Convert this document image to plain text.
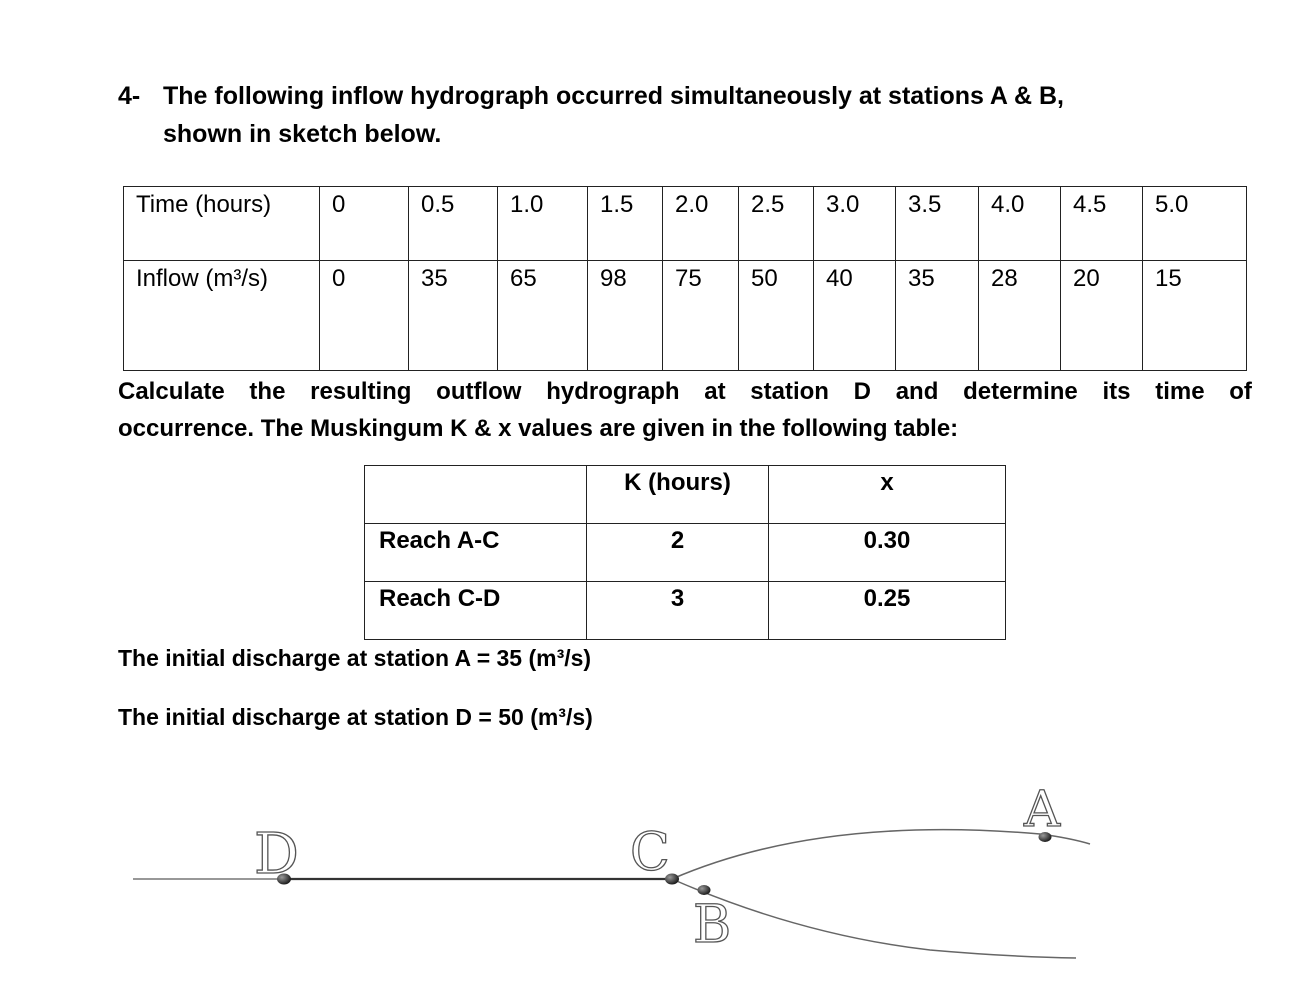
4- The following inflow hydrograph occurred simultaneously at stations A & B,
shown in sketch below.
Time (hours)	0	0.5	1.0	1.5	2.0	2.5	3.0	3.5	4.0	4.5	5.0
Inflow (m³/s)	0	35	65	98	75	50	40	35	28	20	15
Calculate the resulting outflow hydrograph at station D and determine its time of
occurrence. The Muskingum K & x values are given in the following table:
	K (hours)	x
Reach A-C	2	0.30
Reach C-D	3	0.25
The initial discharge at station A = 35 (m³/s)
The initial discharge at station D = 50 (m³/s)
D	C
B
A
